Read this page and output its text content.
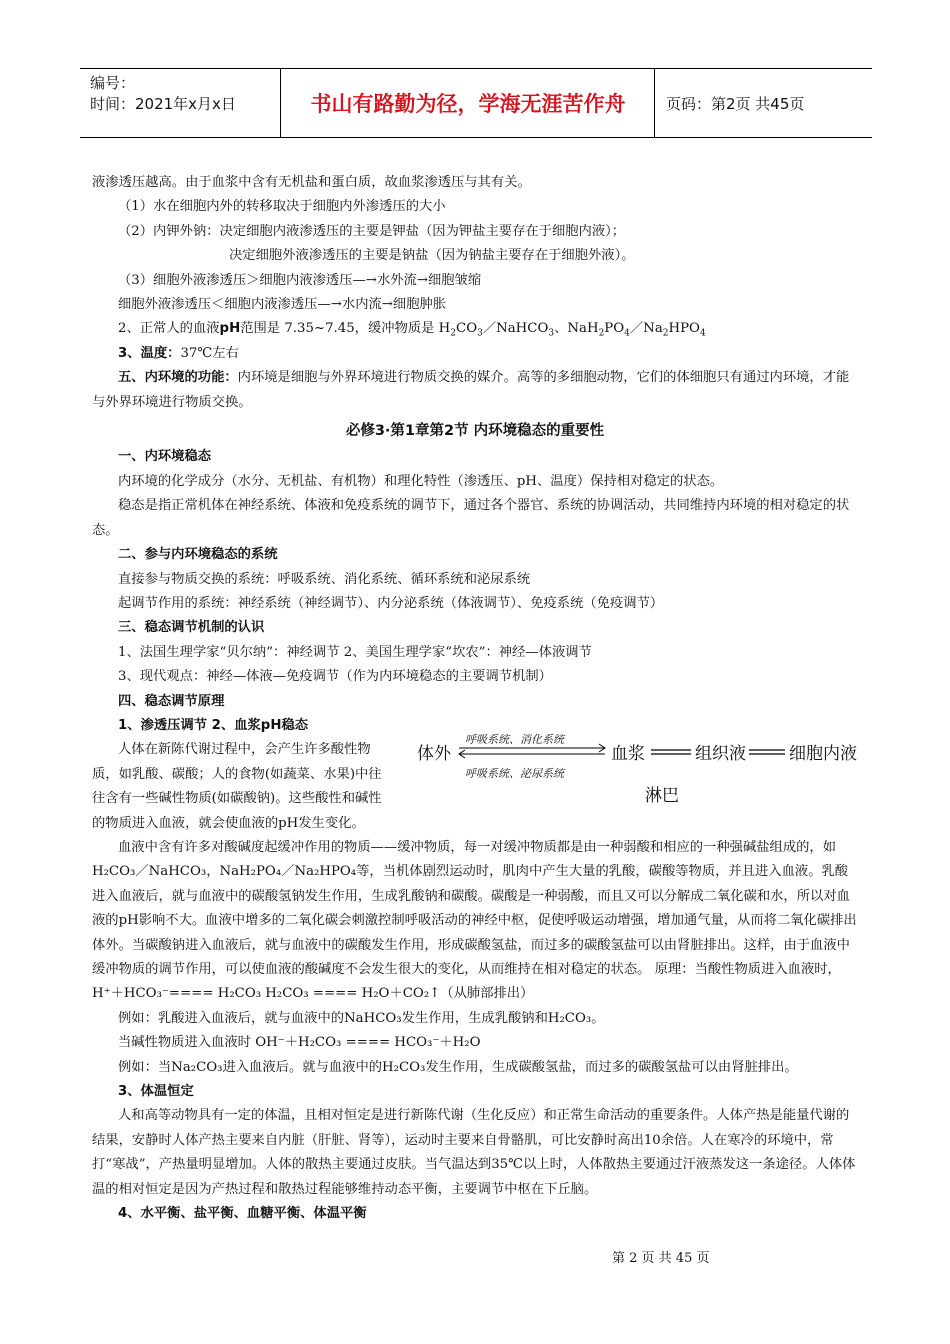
编号：
时间：2021年x月x日	书山有路勤为径，学海无涯苦作舟	页码：第2页 共45页

液渗透压越高。由于血浆中含有无机盐和蛋白质，故血浆渗透压与其有关。

（1）水在细胞内外的转移取决于细胞内外渗透压的大小

（2）内钾外钠：决定细胞内液渗透压的主要是钾盐（因为钾盐主要存在于细胞内液）；

决定细胞外液渗透压的主要是钠盐（因为钠盐主要存在于细胞外液）。

（3）细胞外液渗透压＞细胞内液渗透压—→水外流→细胞皱缩

细胞外液渗透压＜细胞内液渗透压—→水内流→细胞肿胀

2、正常人的血液pH范围是 7.35~7.45，缓冲物质是 $H_2CO_3/NaHCO_3$、$NaH_2PO_4/Na_2HPO_4$

3、温度：37℃左右

五、内环境的功能：内环境是细胞与外界环境进行物质交换的媒介。高等的多细胞动物，它们的体细胞只有通过内环境，才能与外界环境进行物质交换。

必修3·第1章第2节 内环境稳态的重要性

一、内环境稳态

内环境的化学成分（水分、无机盐、有机物）和理化特性（渗透压、pH、温度）保持相对稳定的状态。

稳态是指正常机体在神经系统、体液和免疫系统的调节下，通过各个器官、系统的协调活动，共同维持内环境的相对稳定的状态。

二、参与内环境稳态的系统

直接参与物质交换的系统：呼吸系统、消化系统、循环系统和泌尿系统

起调节作用的系统：神经系统（神经调节）、内分泌系统（体液调节）、免疫系统（免疫调节）

三、稳态调节机制的认识

1、法国生理学家“贝尔纳”：神经调节 2、美国生理学家“坎农”：神经—体液调节

3、现代观点：神经—体液—免疫调节（作为内环境稳态的主要调节机制）

四、稳态调节原理

体外
呼吸系统、消化系统
呼吸系统、泌尿系统
血浆	组织液	细胞内液
淋巴

1、渗透压调节 2、血浆pH稳态

人体在新陈代谢过程中，会产生许多酸性物质，如乳酸、碳酸；人的食物(如蔬菜、水果)中往往含有一些碱性物质(如碳酸钠)。这些酸性和碱性的物质进入血液，就会使血液的pH发生变化。

血液中含有许多对酸碱度起缓冲作用的物质——缓冲物质，每一对缓冲物质都是由一种弱酸和相应的一种强碱盐组成的，如H₂CO₃／NaHCO₃，NaH₂PO₄／Na₂HPO₄等，当机体剧烈运动时，肌肉中产生大量的乳酸，碳酸等物质，并且进入血液。乳酸进入血液后，就与血液中的碳酸氢钠发生作用，生成乳酸钠和碳酸。碳酸是一种弱酸，而且又可以分解成二氧化碳和水，所以对血液的pH影响不大。血液中增多的二氧化碳会刺激控制呼吸活动的神经中枢，促使呼吸运动增强，增加通气量，从而将二氧化碳排出体外。当碳酸钠进入血液后，就与血液中的碳酸发生作用，形成碳酸氢盐，而过多的碳酸氢盐可以由肾脏排出。这样，由于血液中缓冲物质的调节作用，可以使血液的酸碱度不会发生很大的变化，从而维持在相对稳定的状态。 原理：当酸性物质进入血液时，H⁺＋HCO₃⁻==== H₂CO₃ H₂CO₃ ==== H₂O＋CO₂↑（从肺部排出）

例如：乳酸进入血液后，就与血液中的NaHCO₃发生作用，生成乳酸钠和H₂CO₃。

当碱性物质进入血液时 OH⁻＋H₂CO₃ ==== HCO₃⁻＋H₂O

例如：当Na₂CO₃进入血液后。就与血液中的H₂CO₃发生作用，生成碳酸氢盐，而过多的碳酸氢盐可以由肾脏排出。

3、体温恒定

人和高等动物具有一定的体温，且相对恒定是进行新陈代谢（生化反应）和正常生命活动的重要条件。人体产热是能量代谢的结果，安静时人体产热主要来自内脏（肝脏、肾等），运动时主要来自骨骼肌，可比安静时高出10余倍。人在寒冷的环境中，常打“寒战”，产热量明显增加。人体的散热主要通过皮肤。当气温达到35℃以上时，人体散热主要通过汗液蒸发这一条途径。人体体温的相对恒定是因为产热过程和散热过程能够维持动态平衡，主要调节中枢在下丘脑。

4、水平衡、盐平衡、血糖平衡、体温平衡

第 2 页 共 45 页
